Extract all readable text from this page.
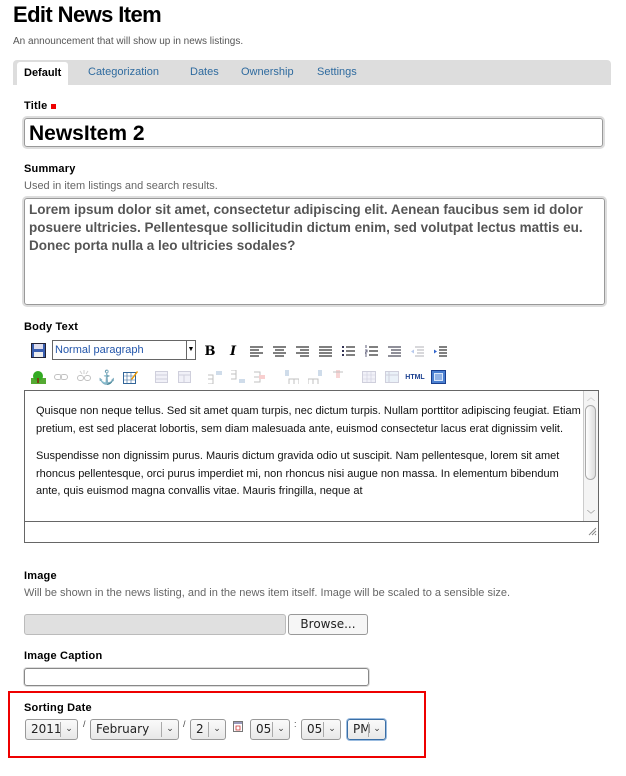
Edit News Item
An announcement that will show up in news listings.
Default	Categorization	Dates Ownership Settings
Title
NewsItem 2
Summary
Used in item listings and search results.
Lorem ipsum dolor sit amet, consectetur adipiscing elit. Aenean faucibus sem id dolor posuere ultricies. Pellentesque sollicitudin dictum enim, sed volutpat lectus mattis eu. Donec porta nulla a leo ultricies sodales?
Body Text
Normal paragraph	▼ B	I
⚓	HTML

Quisque non neque tellus. Sed sit amet quam turpis, nec dictum turpis. Nullam porttitor adipiscing feugiat. Etiam pretium, est sed placerat lobortis, sem diam malesuada ante, euismod consectetur lacus erat dignissim velit.

Suspendisse non dignissim purus. Mauris dictum gravida odio ut suscipit. Nam pellentesque, lorem sit amet rhoncus pellentesque, orci purus imperdiet mi, non rhoncus nisi augue non massa. In elementum bibendum ante, quis euismod magna convallis vitae. Mauris fringilla, neque at

︿
﹀
Image
Will be shown in the news listing, and in the news item itself. Image will be scaled to a sensible size.
Browse...
Image Caption
Sorting Date
2011 ⌄	/ February	⌄	/ 2	⌄	05 ⌄	: 05 ⌄	PM ⌄
